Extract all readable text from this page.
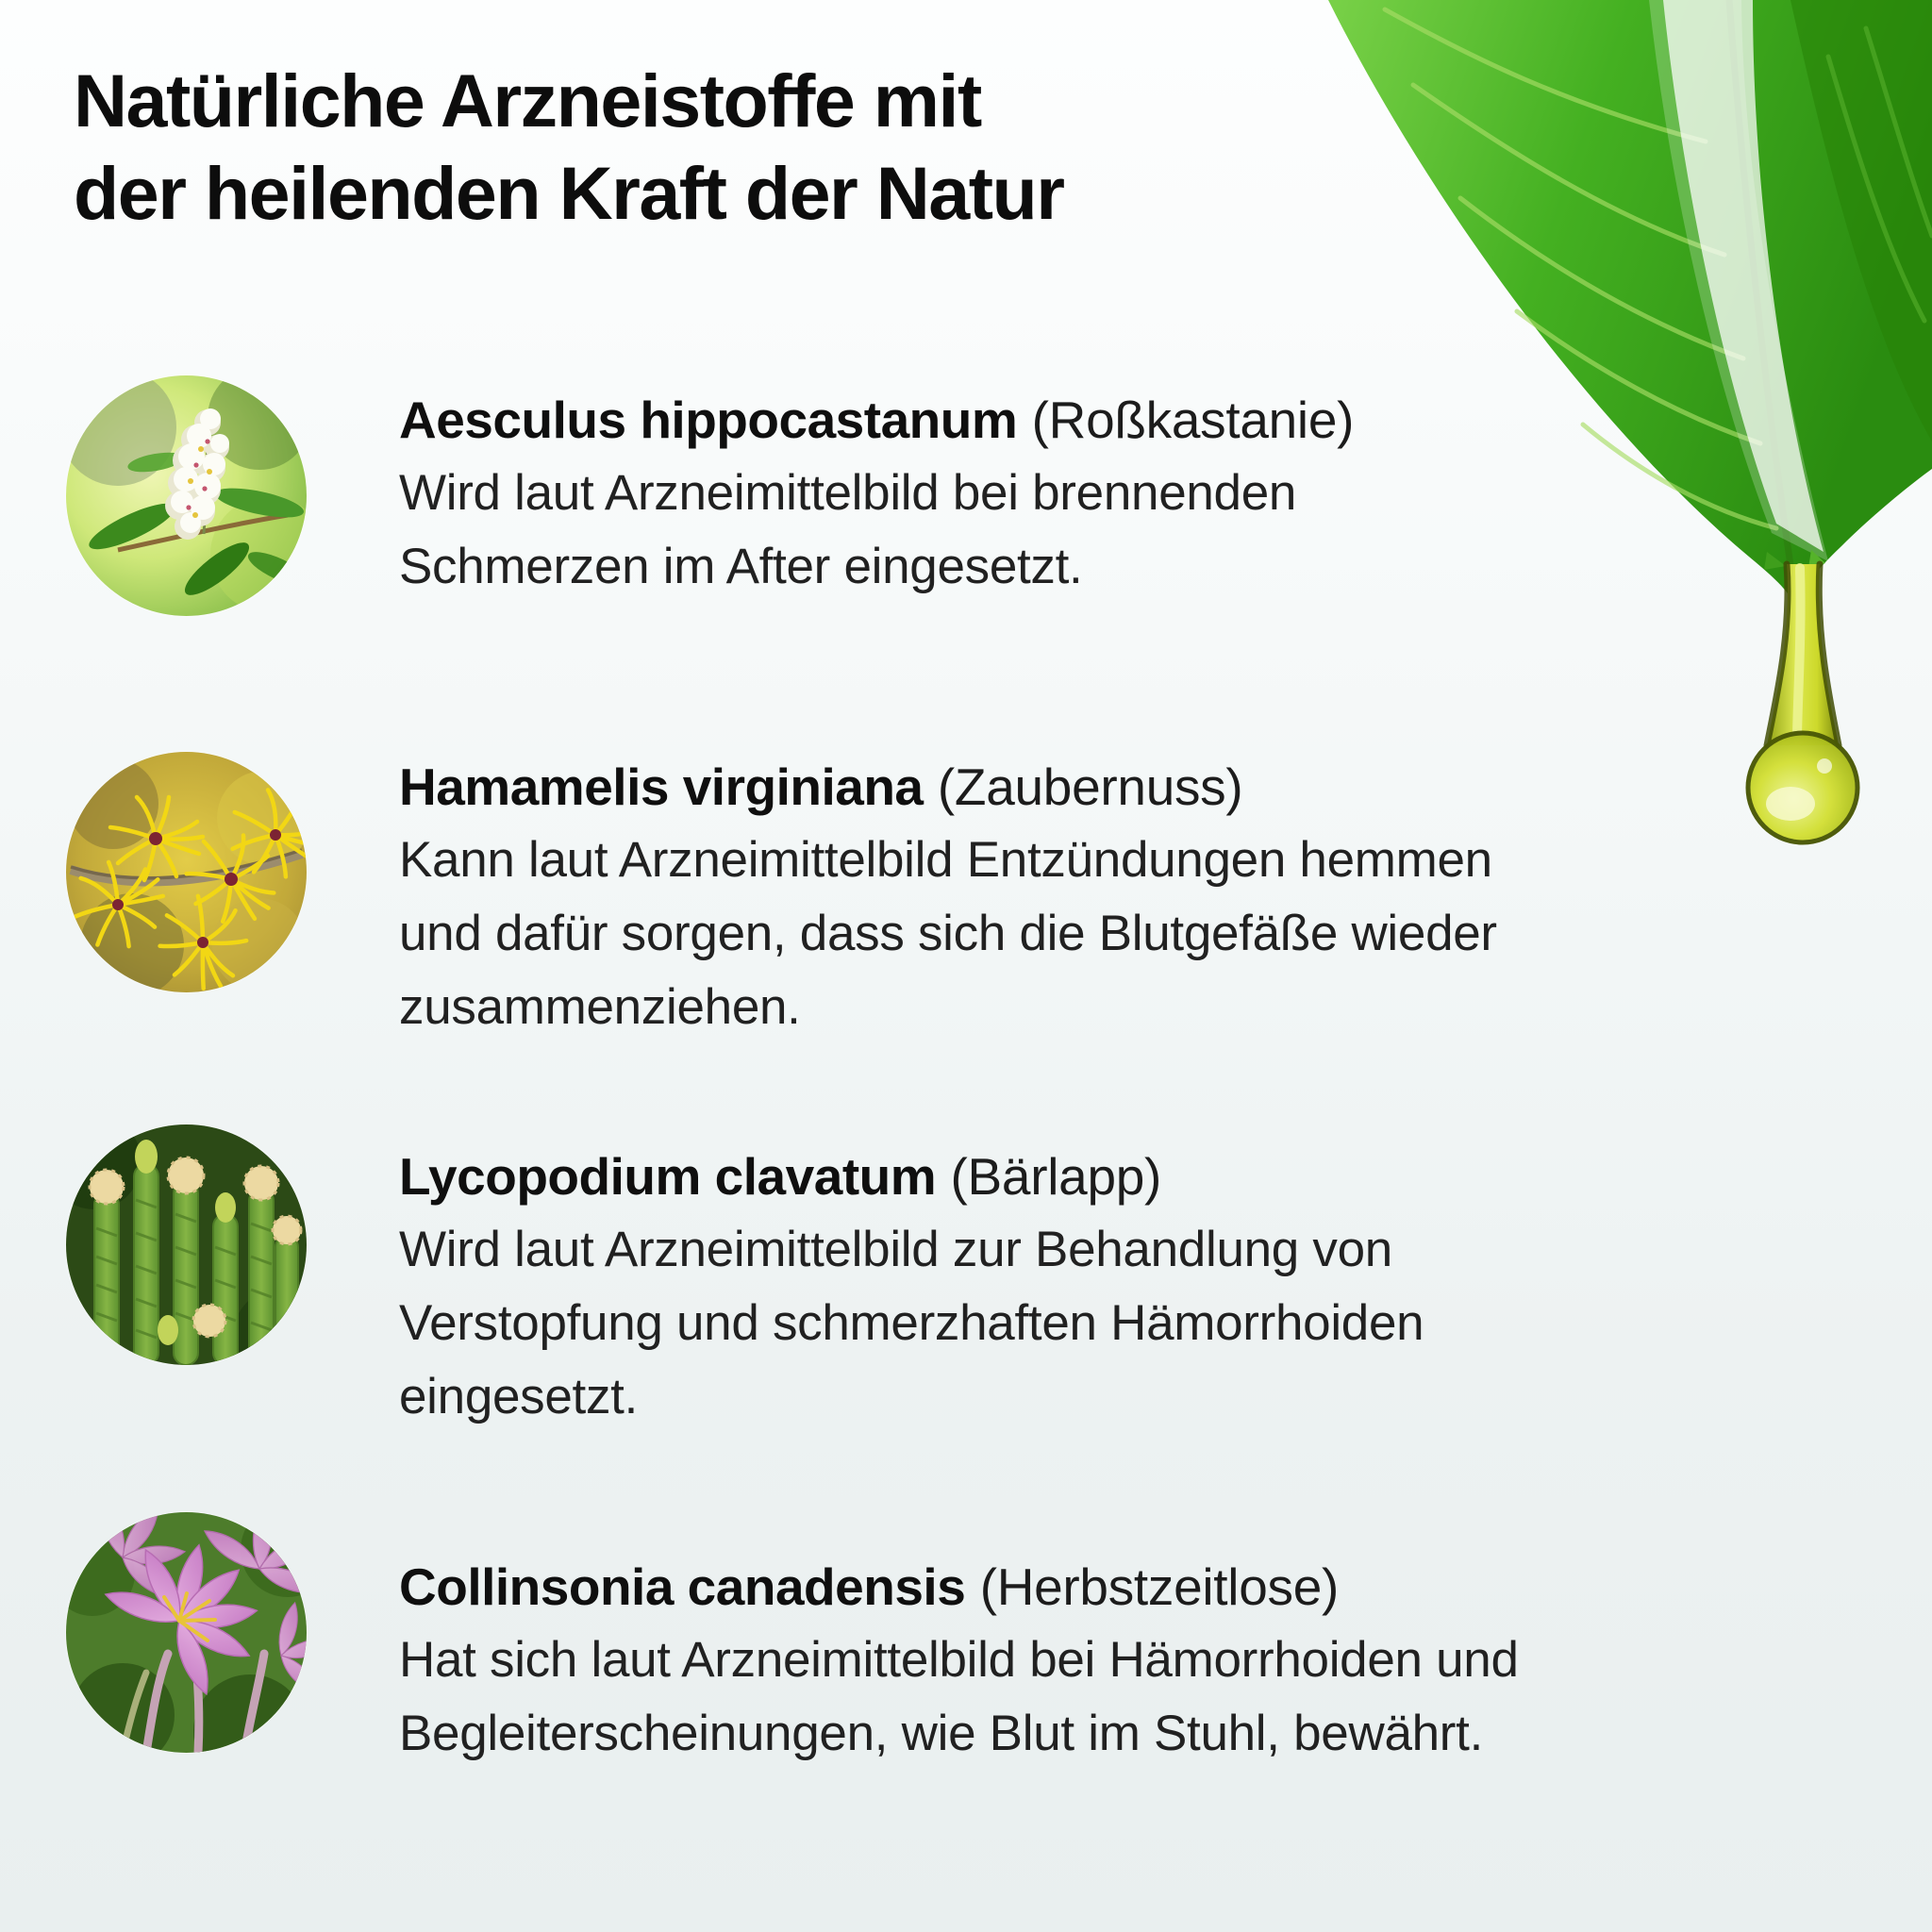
Natürliche Arzneistoffe mit
der heilenden Kraft der Natur
Aesculus hippocastanum (Roßkastanie)
Wird laut Arzneimittelbild bei brennenden
Schmerzen im After eingesetzt.
Hamamelis virginiana (Zaubernuss)
Kann laut Arzneimittelbild Entzündungen hemmen
und dafür sorgen, dass sich die Blutgefäße wieder
zusammenziehen.
Lycopodium clavatum (Bärlapp)
Wird laut Arzneimittelbild zur Behandlung von
Verstopfung und schmerzhaften Hämorrhoiden
eingesetzt.
Collinsonia canadensis (Herbstzeitlose)
Hat sich laut Arzneimittelbild bei Hämorrhoiden und
Begleiterscheinungen, wie Blut im Stuhl, bewährt.
